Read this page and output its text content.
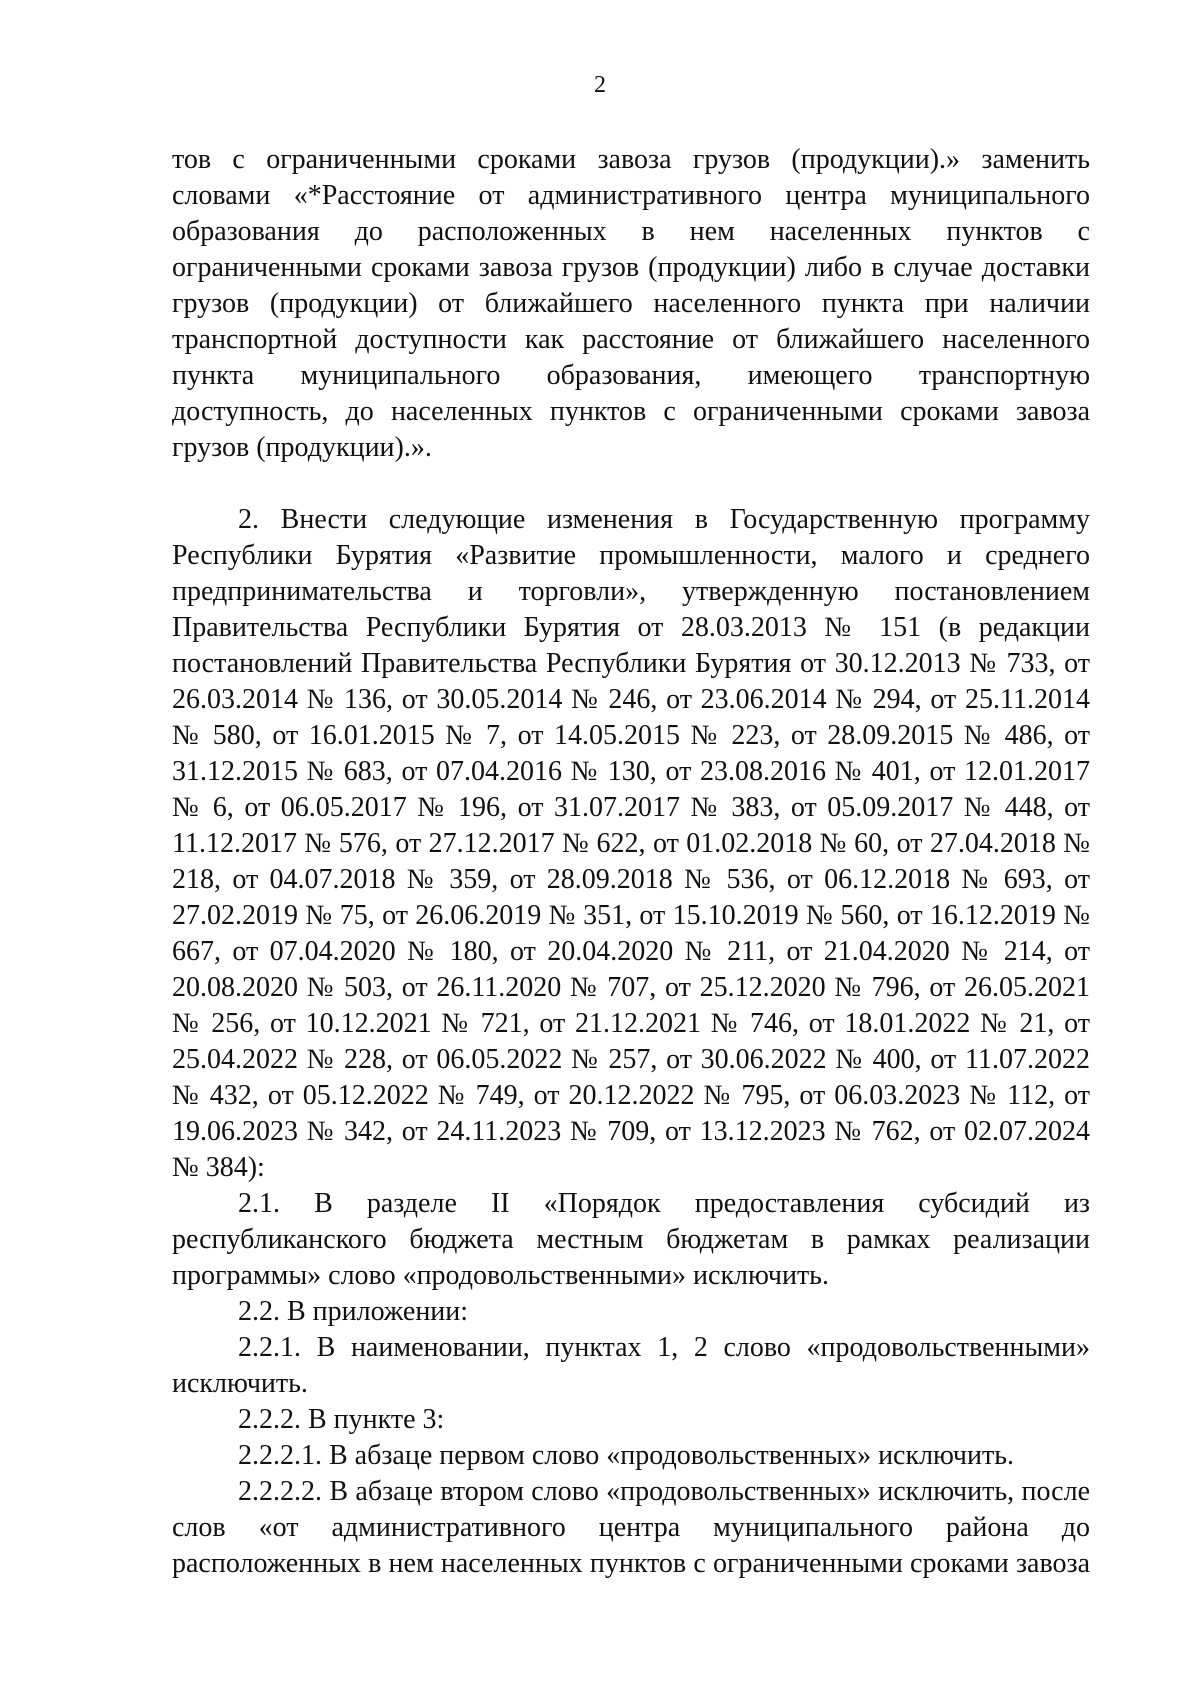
2

тов с ограниченными сроками завоза грузов (продукции).» заменить словами «*Расстояние от административного центра муниципального образования до расположенных в нем населенных пунктов с ограниченными сроками завоза грузов (продукции) либо в случае доставки грузов (продукции) от ближайшего населенного пункта при наличии транспортной доступности как расстояние от ближайшего населенного пункта муниципального образования, имеющего транспортную доступность, до населенных пунктов с ограниченными сроками завоза грузов (продукции).».

2. Внести следующие изменения в Государственную программу Республики Бурятия «Развитие промышленности, малого и среднего предпринимательства и торговли», утвержденную постановлением Правительства Республики Бурятия от 28.03.2013 № 151 (в редакции постановлений Правительства Республики Бурятия от 30.12.2013 № 733, от 26.03.2014 № 136, от 30.05.2014 № 246, от 23.06.2014 № 294, от 25.11.2014 № 580, от 16.01.2015 № 7, от 14.05.2015 № 223, от 28.09.2015 № 486, от 31.12.2015 № 683, от 07.04.2016 № 130, от 23.08.2016 № 401, от 12.01.2017 № 6, от 06.05.2017 № 196, от 31.07.2017 № 383, от 05.09.2017 № 448, от 11.12.2017 № 576, от 27.12.2017 № 622, от 01.02.2018 № 60, от 27.04.2018 № 218, от 04.07.2018 № 359, от 28.09.2018 № 536, от 06.12.2018 № 693, от 27.02.2019 № 75, от 26.06.2019 № 351, от 15.10.2019 № 560, от 16.12.2019 № 667, от 07.04.2020 № 180, от 20.04.2020 № 211, от 21.04.2020 № 214, от 20.08.2020 № 503, от 26.11.2020 № 707, от 25.12.2020 № 796, от 26.05.2021 № 256, от 10.12.2021 № 721, от 21.12.2021 № 746, от 18.01.2022 № 21, от 25.04.2022 № 228, от 06.05.2022 № 257, от 30.06.2022 № 400, от 11.07.2022 № 432, от 05.12.2022 № 749, от 20.12.2022 № 795, от 06.03.2023 № 112, от 19.06.2023 № 342, от 24.11.2023 № 709, от 13.12.2023 № 762, от 02.07.2024 № 384):

2.1. В разделе II «Порядок предоставления субсидий из республиканского бюджета местным бюджетам в рамках реализации программы» слово «продовольственными» исключить.

2.2. В приложении:

2.2.1. В наименовании, пунктах 1, 2 слово «продовольственными» исключить.

2.2.2. В пункте 3:

2.2.2.1. В абзаце первом слово «продовольственных» исключить.

2.2.2.2. В абзаце втором слово «продовольственных» исключить, после слов «от административного центра муниципального района до расположенных в нем населенных пунктов с ограниченными сроками завоза
